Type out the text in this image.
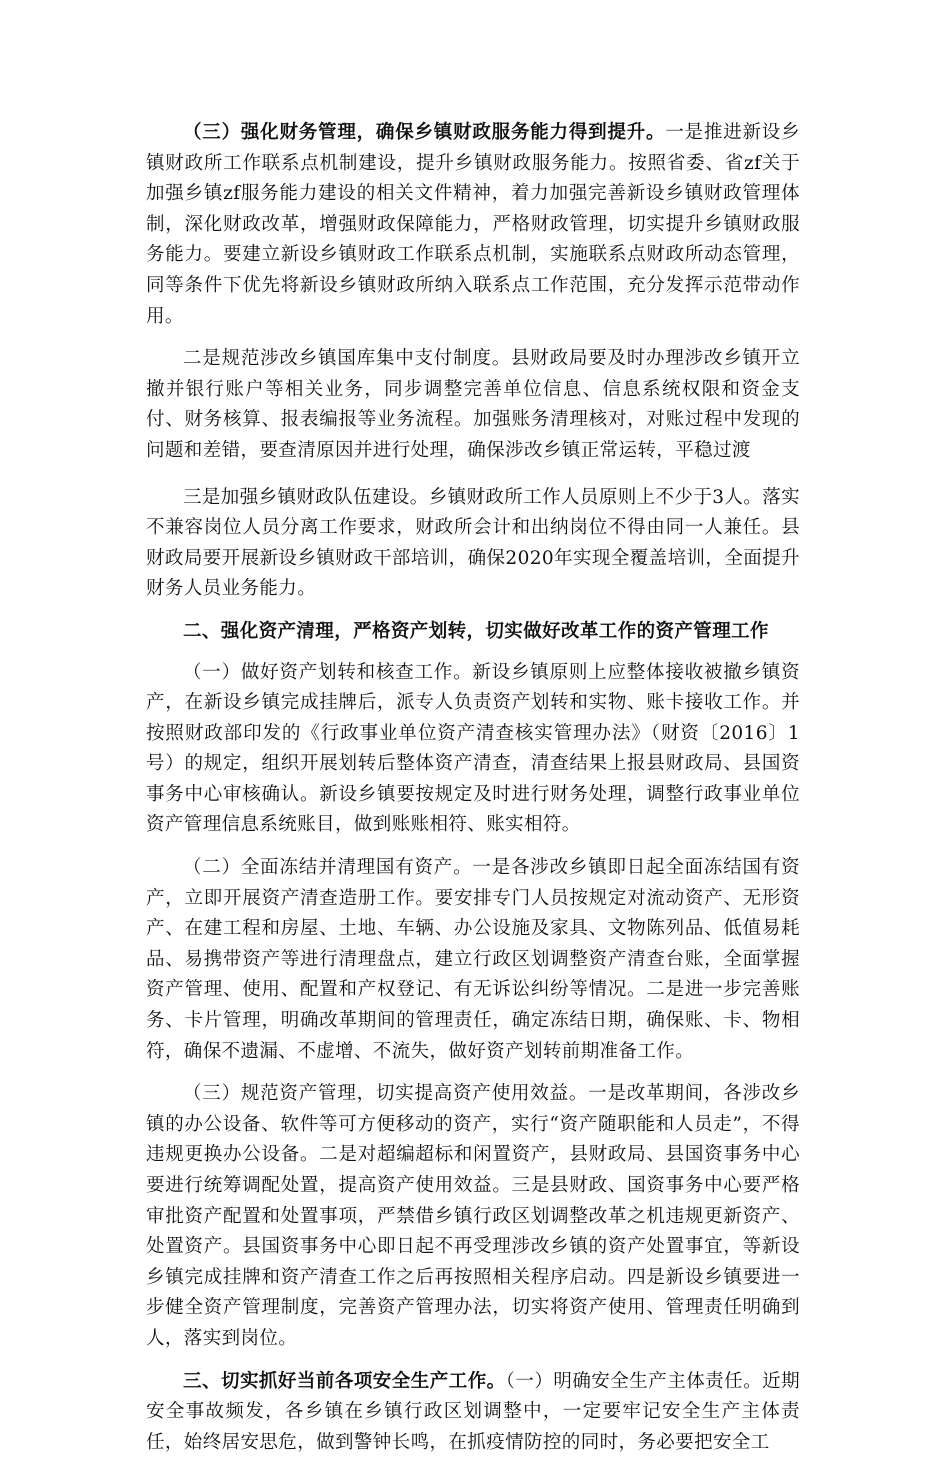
（三）强化财务管理，确保乡镇财政服务能力得到提升。一是推进新设乡镇财政所工作联系点机制建设，提升乡镇财政服务能力。按照省委、省zf关于加强乡镇zf服务能力建设的相关文件精神，着力加强完善新设乡镇财政管理体制，深化财政改革，增强财政保障能力，严格财政管理，切实提升乡镇财政服务能力。要建立新设乡镇财政工作联系点机制，实施联系点财政所动态管理，同等条件下优先将新设乡镇财政所纳入联系点工作范围，充分发挥示范带动作用。

二是规范涉改乡镇国库集中支付制度。县财政局要及时办理涉改乡镇开立撤并银行账户等相关业务，同步调整完善单位信息、信息系统权限和资金支付、财务核算、报表编报等业务流程。加强账务清理核对，对账过程中发现的问题和差错，要查清原因并进行处理，确保涉改乡镇正常运转，平稳过渡

三是加强乡镇财政队伍建设。乡镇财政所工作人员原则上不少于3人。落实不兼容岗位人员分离工作要求，财政所会计和出纳岗位不得由同一人兼任。县财政局要开展新设乡镇财政干部培训，确保2020年实现全覆盖培训，全面提升财务人员业务能力。

二、强化资产清理，严格资产划转，切实做好改革工作的资产管理工作

（一）做好资产划转和核查工作。新设乡镇原则上应整体接收被撤乡镇资产，在新设乡镇完成挂牌后，派专人负责资产划转和实物、账卡接收工作。并按照财政部印发的《行政事业单位资产清查核实管理办法》（财资〔2016〕1号）的规定，组织开展划转后整体资产清查，清查结果上报县财政局、县国资事务中心审核确认。新设乡镇要按规定及时进行财务处理，调整行政事业单位资产管理信息系统账目，做到账账相符、账实相符。

（二）全面冻结并清理国有资产。一是各涉改乡镇即日起全面冻结国有资产，立即开展资产清查造册工作。要安排专门人员按规定对流动资产、无形资产、在建工程和房屋、土地、车辆、办公设施及家具、文物陈列品、低值易耗品、易携带资产等进行清理盘点，建立行政区划调整资产清查台账，全面掌握资产管理、使用、配置和产权登记、有无诉讼纠纷等情况。二是进一步完善账务、卡片管理，明确改革期间的管理责任，确定冻结日期，确保账、卡、物相符，确保不遗漏、不虚增、不流失，做好资产划转前期准备工作。

（三）规范资产管理，切实提高资产使用效益。一是改革期间，各涉改乡镇的办公设备、软件等可方便移动的资产，实行“资产随职能和人员走”，不得违规更换办公设备。二是对超编超标和闲置资产，县财政局、县国资事务中心要进行统筹调配处置，提高资产使用效益。三是县财政、国资事务中心要严格审批资产配置和处置事项，严禁借乡镇行政区划调整改革之机违规更新资产、处置资产。县国资事务中心即日起不再受理涉改乡镇的资产处置事宜，等新设乡镇完成挂牌和资产清查工作之后再按照相关程序启动。四是新设乡镇要进一步健全资产管理制度，完善资产管理办法，切实将资产使用、管理责任明确到人，落实到岗位。

三、切实抓好当前各项安全生产工作。（一）明确安全生产主体责任。近期安全事故频发，各乡镇在乡镇行政区划调整中，一定要牢记安全生产主体责任，始终居安思危，做到警钟长鸣，在抓疫情防控的同时，务必要把安全工
